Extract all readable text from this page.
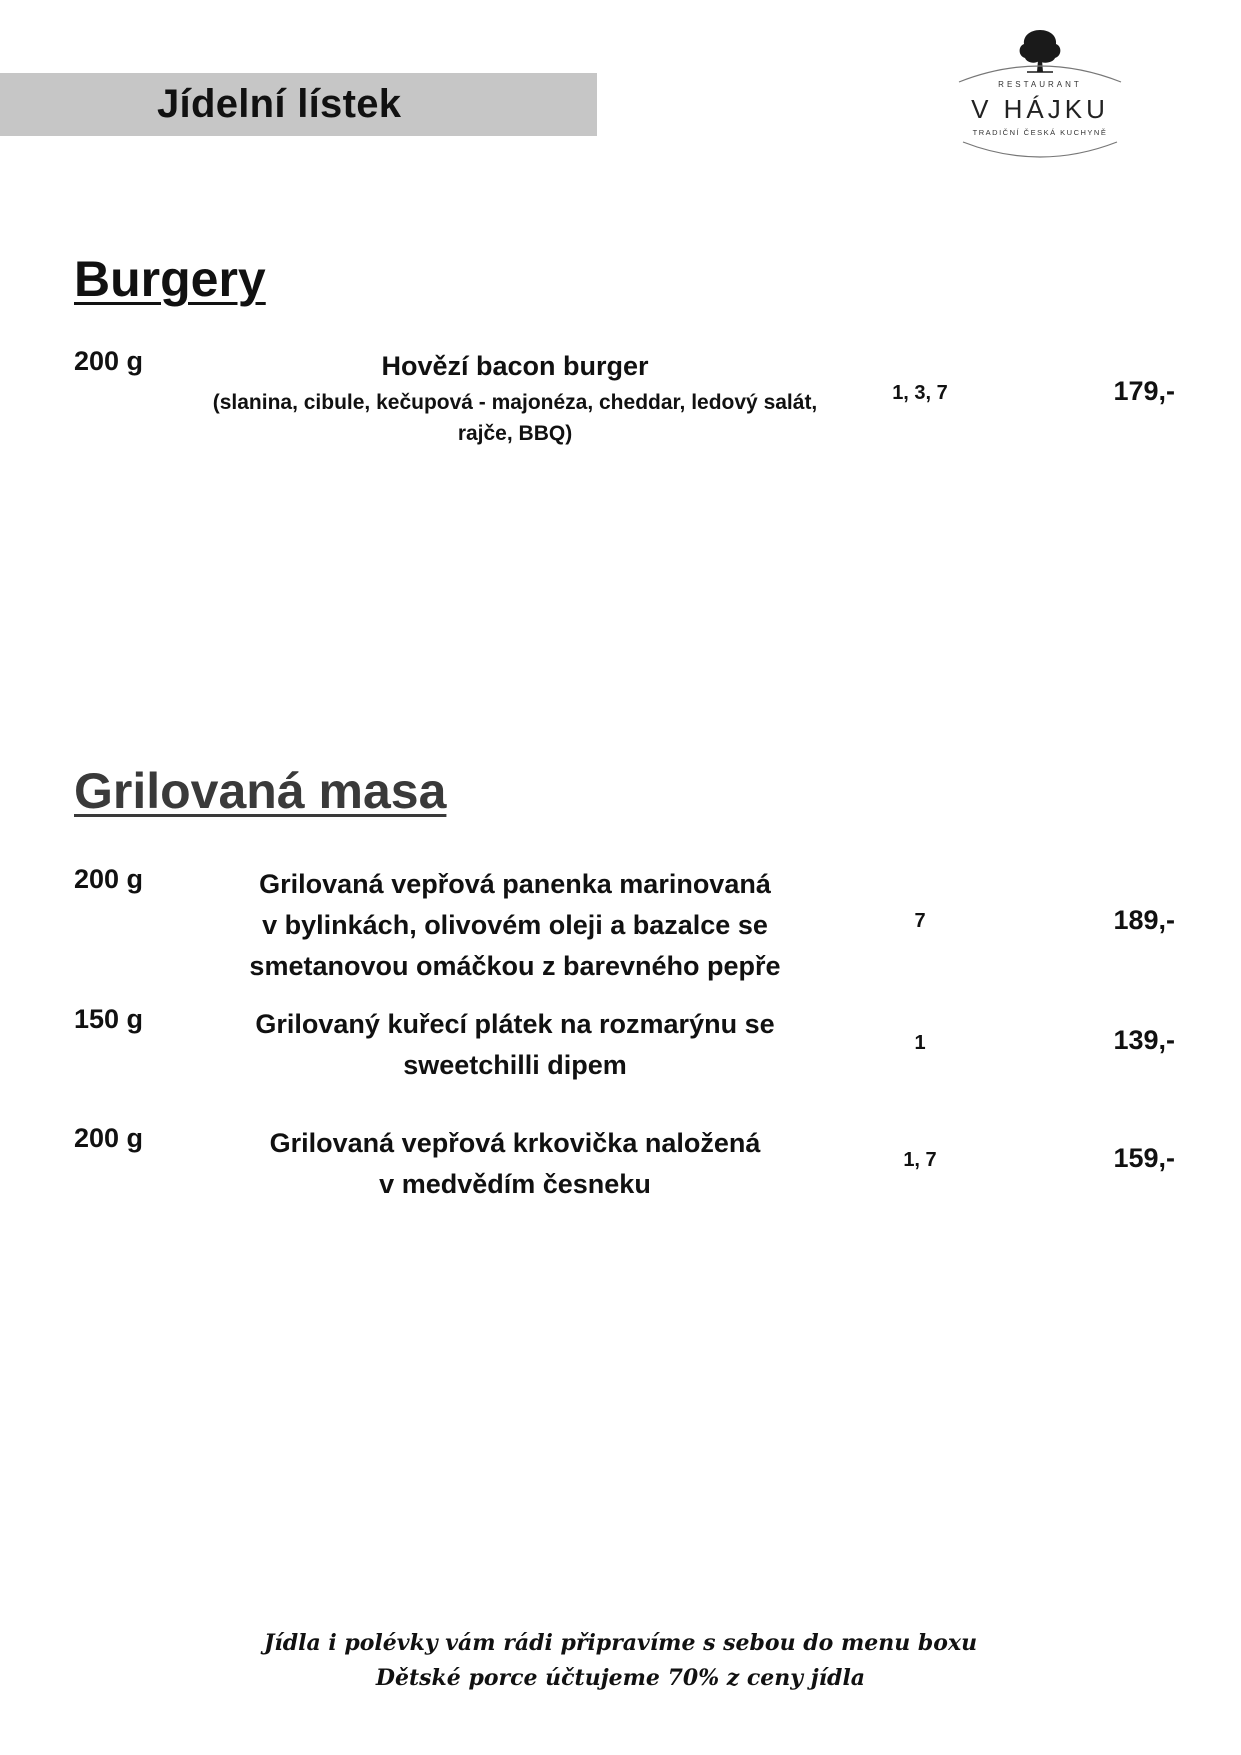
Jídelní lístek	RESTAURANT
V HÁJKU
TRADIČNÍ ČESKÁ KUCHYNĚ
Burgery
200 g	Hovězí bacon burger
(slanina, cibule, kečupová - majonéza, cheddar, ledový salát,
rajče, BBQ)
1, 3, 7	179,-
Grilovaná masa
200 g	Grilovaná vepřová panenka marinovaná
v bylinkách, olivovém oleji a bazalce se
smetanovou omáčkou z barevného pepře
7	189,-
150 g	Grilovaný kuřecí plátek na rozmarýnu se
sweetchilli dipem
1	139,-
200 g	Grilovaná vepřová krkovička naložená
v medvědím česneku
1, 7	159,-
Jídla i polévky vám rádi připravíme s sebou do menu boxu
Dětské porce účtujeme 70% z ceny jídla
